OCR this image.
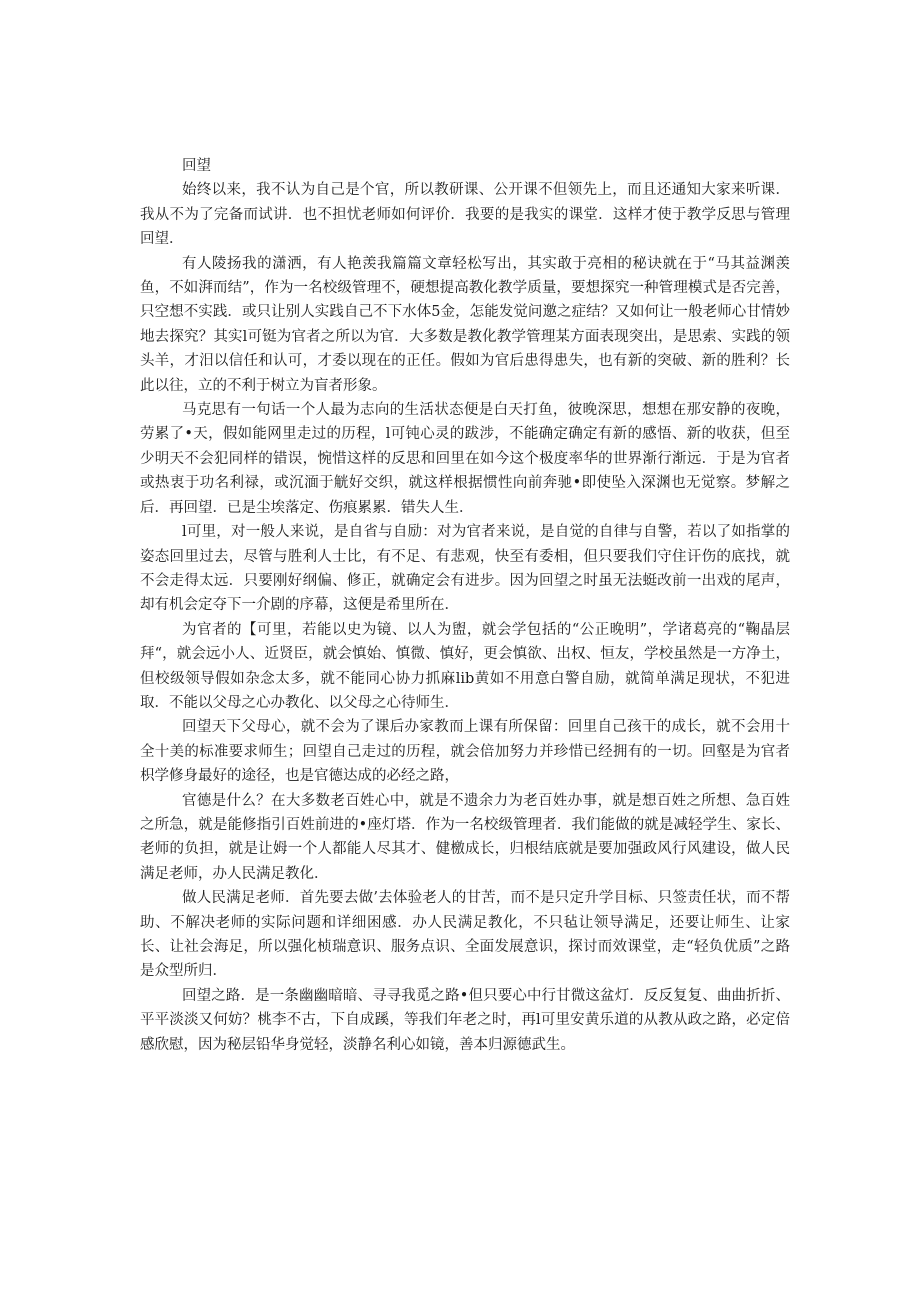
回望

始终以来，我不认为自己是个官，所以教研课、公开课不但领先上，而且还通知大家来听课．我从不为了完备而试讲．也不担忧老师如何评价．我要的是我实的课堂．这样才使于教学反思与管理回望．

有人陵扬我的潇洒，有人艳羡我篇篇文章轻松写出，其实敢于亮相的秘诀就在于“马其益渊羡鱼，不如湃而结”，作为一名校级管理不，硬想提高教化教学质量，要想探究一种管理模式是否完善，只空想不实践．或只让别人实践自己不下水体5金，怎能发觉问邀之症结？又如何让一般老师心甘情妙地去探究？其实l可铤为官者之所以为官．大多数是教化教学管理某方面表现突出，是思索、实践的领头羊，才汨以信任和认可，才委以现在的正任。假如为官后患得患失，也有新的突破、新的胜利？长此以往，立的不利于树立为盲者形象。

马克思有一句话一个人最为志向的生活状态便是白天打鱼，彼晚深思，想想在那安静的夜晚，劳累了•天，假如能网里走过的历程，l可钝心灵的跋涉，不能确定确定有新的感悟、新的收获，但至少明天不会犯同样的错误，惋惜这样的反思和回里在如今这个极度率华的世界渐行渐远．于是为官者或热衷于功名利禄，或沉湎于觥好交织，就这样根据惯性向前奔驰•即使坠入深渊也无觉察。梦解之后．再回望．已是尘埃落定、伤痕累累．错失人生．

l可里，对一般人来说，是自省与自励：对为官者来说，是自觉的自律与自警，若以了如指掌的姿态回里过去，尽管与胜利人士比，有不足、有悲观，快至有委相，但只要我们守住讦伤的底找，就不会走得太远．只要刚好纲偏、修正，就确定会有进步。因为回望之时虽无法蜓改前一出戏的尾声，却有机会定夺下一介剧的序幕，这便是希里所在．

为官者的【可里，若能以史为镜、以人为盥，就会学包括的“公正晚明”，学诸葛亮的“鞠晶层拜“，就会远小人、近贤臣，就会慎始、慎微、慎好，更会慎欲、出权、恒友，学校虽然是一方净土，但校级领导假如杂念太多，就不能同心协力抓麻lib黄如不用意白警自励，就简单满足现状，不犯进取．不能以父母之心办教化、以父母之心待师生．

回望天下父母心，就不会为了课后办家教而上课有所保留：回里自己孩干的成长，就不会用十全十美的标准要求师生；回望自己走过的历程，就会倍加努力并珍惜已经拥有的一切。回壑是为官者枳学修身最好的途径，也是官德达成的必经之路，

官德是什么？在大多数老百姓心中，就是不遗余力为老百姓办事，就是想百姓之所想、急百姓之所急，就是能修指引百姓前进的•座灯塔．作为一名校级管理者．我们能做的就是减轻学生、家长、老师的负担，就是让姆一个人都能人尽其才、健檄成长，归根结底就是要加强政风行风建设，做人民满足老师，办人民满足教化．

做人民满足老师．首先要去做’去体验老人的甘苦，而不是只定升学目标、只签责任状，而不帮助、不解决老师的实际问题和详细困感．办人民满足教化，不只毡让领导满足，还要让师生、让家长、让社会海足，所以强化桢瑞意识、服务点识、全面发展意识，探讨而效课堂，走“轻负优质”之路是众型所归．

回望之路．是一条幽幽暗暗、寻寻我觅之路•但只要心中行甘微这盆灯．反反复复、曲曲折折、平平淡淡又何妨？桃李不古，下自成蹊，等我们年老之时，再l可里安黄乐道的从教从政之路，必定倍感欣慰，因为秘层铅华身觉轻，淡静名利心如镜，善本归源德武生。
